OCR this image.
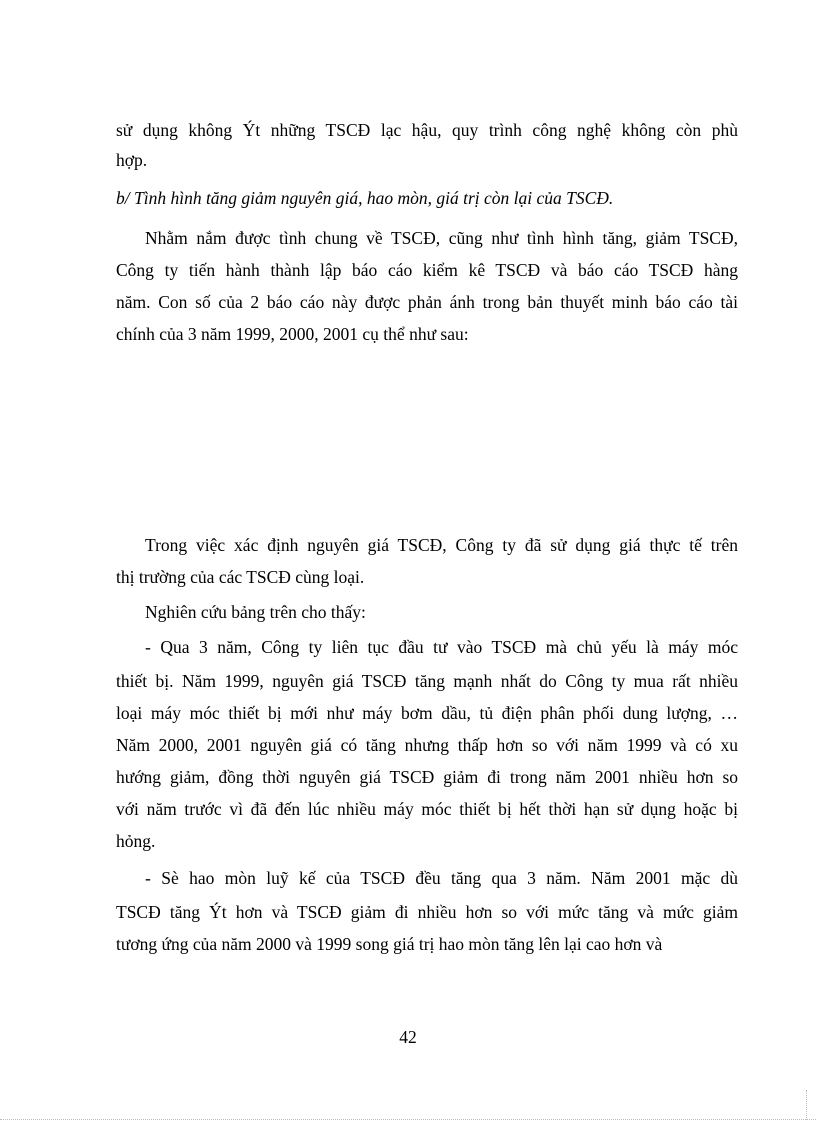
sử dụng không Ýt những TSCĐ lạc hậu, quy trình công nghệ không còn phù
hợp.
b/ Tình hình tăng giảm nguyên giá, hao mòn, giá trị còn lại của TSCĐ.
Nhằm nắm được tình chung về TSCĐ, cũng như tình hình tăng, giảm TSCĐ,
Công ty tiến hành thành lập báo cáo kiểm kê TSCĐ và báo cáo TSCĐ hàng
năm. Con số của 2 báo cáo này được phản ánh trong bản thuyết minh báo cáo tài
chính của 3 năm 1999, 2000, 2001 cụ thể như sau:
Trong việc xác định nguyên giá TSCĐ, Công ty đã sử dụng giá thực tế trên
thị trường của các TSCĐ cùng loại.
Nghiên cứu bảng trên cho thấy:
- Qua 3 năm, Công ty liên tục đầu tư vào TSCĐ mà chủ yếu là máy móc
thiết bị. Năm 1999, nguyên giá TSCĐ tăng mạnh nhất do Công ty mua rất nhiều
loại máy móc thiết bị mới như máy bơm dầu, tủ điện phân phối dung lượng, …
Năm 2000, 2001 nguyên giá có tăng nhưng thấp hơn so với năm 1999 và có xu
hướng giảm, đồng thời nguyên giá TSCĐ giảm đi trong năm 2001 nhiều hơn so
với năm trước vì đã đến lúc nhiều máy móc thiết bị hết thời hạn sử dụng hoặc bị
hỏng.
- Sè hao mòn luỹ kế của TSCĐ đều tăng qua 3 năm. Năm 2001 mặc dù
TSCĐ tăng Ýt hơn và TSCĐ giảm đi nhiều hơn so với mức tăng và mức giảm
tương ứng của năm 2000 và 1999 song giá trị hao mòn tăng lên lại cao hơn và
42
